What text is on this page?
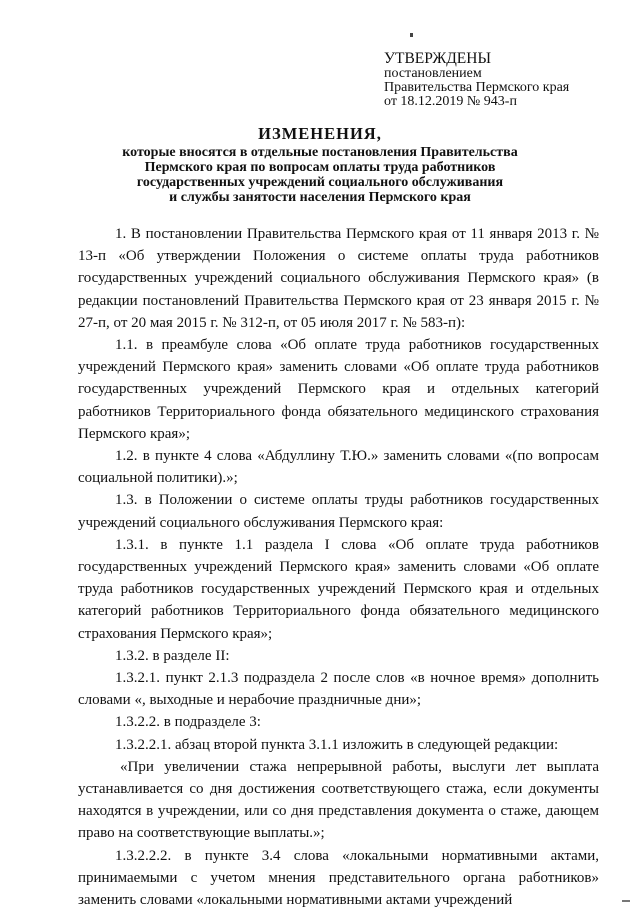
УТВЕРЖДЕНЫ
постановлением
Правительства Пермского края
от 18.12.2019 № 943-п
ИЗМЕНЕНИЯ,
которые вносятся в отдельные постановления Правительства
Пермского края по вопросам оплаты труда работников
государственных учреждений социального обслуживания
и службы занятости населения Пермского края

1. В постановлении Правительства Пермского края от 11 января 2013 г. № 13-п «Об утверждении Положения о системе оплаты труда работников государственных учреждений социального обслуживания Пермского края» (в редакции постановлений Правительства Пермского края от 23 января 2015 г. № 27-п, от 20 мая 2015 г. № 312-п, от 05 июля 2017 г. № 583-п):

1.1. в преамбуле слова «Об оплате труда работников государственных учреждений Пермского края» заменить словами «Об оплате труда работников государственных учреждений Пермского края и отдельных категорий работников Территориального фонда обязательного медицинского страхования Пермского края»;

1.2. в пункте 4 слова «Абдуллину Т.Ю.» заменить словами «(по вопросам социальной политики).»;

1.3. в Положении о системе оплаты труды работников государственных учреждений социального обслуживания Пермского края:

1.3.1. в пункте 1.1 раздела I слова «Об оплате труда работников государственных учреждений Пермского края» заменить словами «Об оплате труда работников государственных учреждений Пермского края и отдельных категорий работников Территориального фонда обязательного медицинского страхования Пермского края»;

1.3.2. в разделе II:

1.3.2.1. пункт 2.1.3 подраздела 2 после слов «в ночное время» дополнить словами «, выходные и нерабочие праздничные дни»;

1.3.2.2. в подразделе 3:

1.3.2.2.1. абзац второй пункта 3.1.1 изложить в следующей редакции:

«При увеличении стажа непрерывной работы, выслуги лет выплата устанавливается со дня достижения соответствующего стажа, если документы находятся в учреждении, или со дня представления документа о стаже, дающем право на соответствующие выплаты.»;

1.3.2.2.2. в пункте 3.4 слова «локальными нормативными актами, принимаемыми с учетом мнения представительного органа работников» заменить словами «локальными нормативными актами учреждений
